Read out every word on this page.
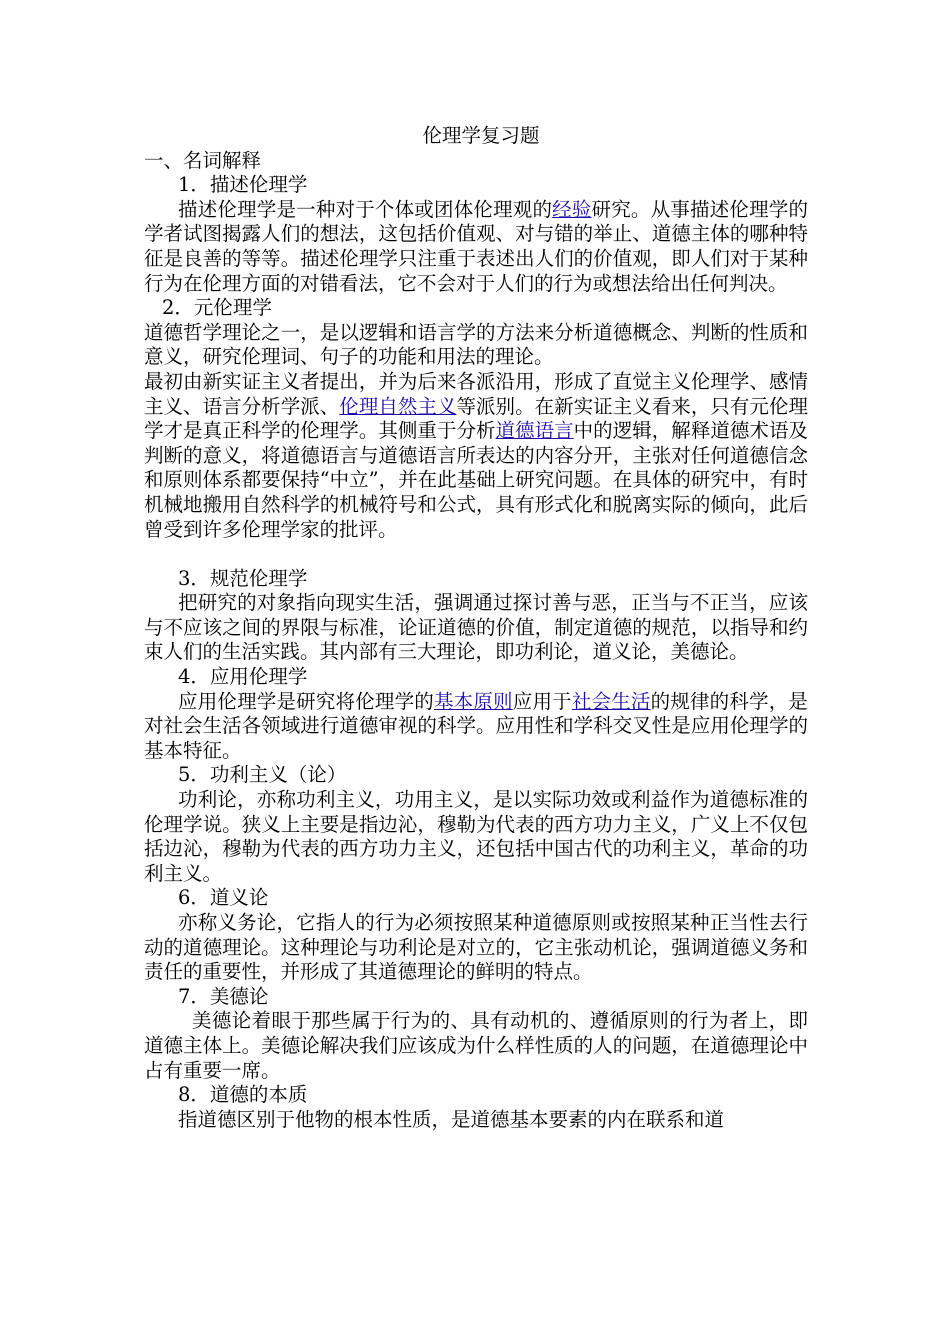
伦理学复习题

一、名词解释

1．描述伦理学

描述伦理学是一种对于个体或团体伦理观的经验研究。从事描述伦理学的学者试图揭露人们的想法，这包括价值观、对与错的举止、道德主体的哪种特征是良善的等等。描述伦理学只注重于表述出人们的价值观，即人们对于某种行为在伦理方面的对错看法，它不会对于人们的行为或想法给出任何判决。

2．元伦理学

道德哲学理论之一，是以逻辑和语言学的方法来分析道德概念、判断的性质和意义，研究伦理词、句子的功能和用法的理论。

最初由新实证主义者提出，并为后来各派沿用，形成了直觉主义伦理学、感情主义、语言分析学派、伦理自然主义等派别。在新实证主义看来，只有元伦理学才是真正科学的伦理学。其侧重于分析道德语言中的逻辑，解释道德术语及判断的意义，将道德语言与道德语言所表达的内容分开，主张对任何道德信念和原则体系都要保持“中立”，并在此基础上研究问题。在具体的研究中，有时机械地搬用自然科学的机械符号和公式，具有形式化和脱离实际的倾向，此后曾受到许多伦理学家的批评。

3．规范伦理学

把研究的对象指向现实生活，强调通过探讨善与恶，正当与不正当，应该与不应该之间的界限与标准，论证道德的价值，制定道德的规范，以指导和约束人们的生活实践。其内部有三大理论，即功利论，道义论，美德论。

4．应用伦理学

应用伦理学是研究将伦理学的基本原则应用于社会生活的规律的科学，是对社会生活各领域进行道德审视的科学。应用性和学科交叉性是应用伦理学的基本特征。

5．功利主义（论）

功利论，亦称功利主义，功用主义，是以实际功效或利益作为道德标准的伦理学说。狭义上主要是指边沁，穆勒为代表的西方功力主义，广义上不仅包括边沁，穆勒为代表的西方功力主义，还包括中国古代的功利主义，革命的功利主义。

6．道义论

亦称义务论，它指人的行为必须按照某种道德原则或按照某种正当性去行动的道德理论。这种理论与功利论是对立的，它主张动机论，强调道德义务和责任的重要性，并形成了其道德理论的鲜明的特点。

7．美德论

美德论着眼于那些属于行为的、具有动机的、遵循原则的行为者上，即道德主体上。美德论解决我们应该成为什么样性质的人的问题，在道德理论中占有重要一席。

8．道德的本质

指道德区别于他物的根本性质，是道德基本要素的内在联系和道
